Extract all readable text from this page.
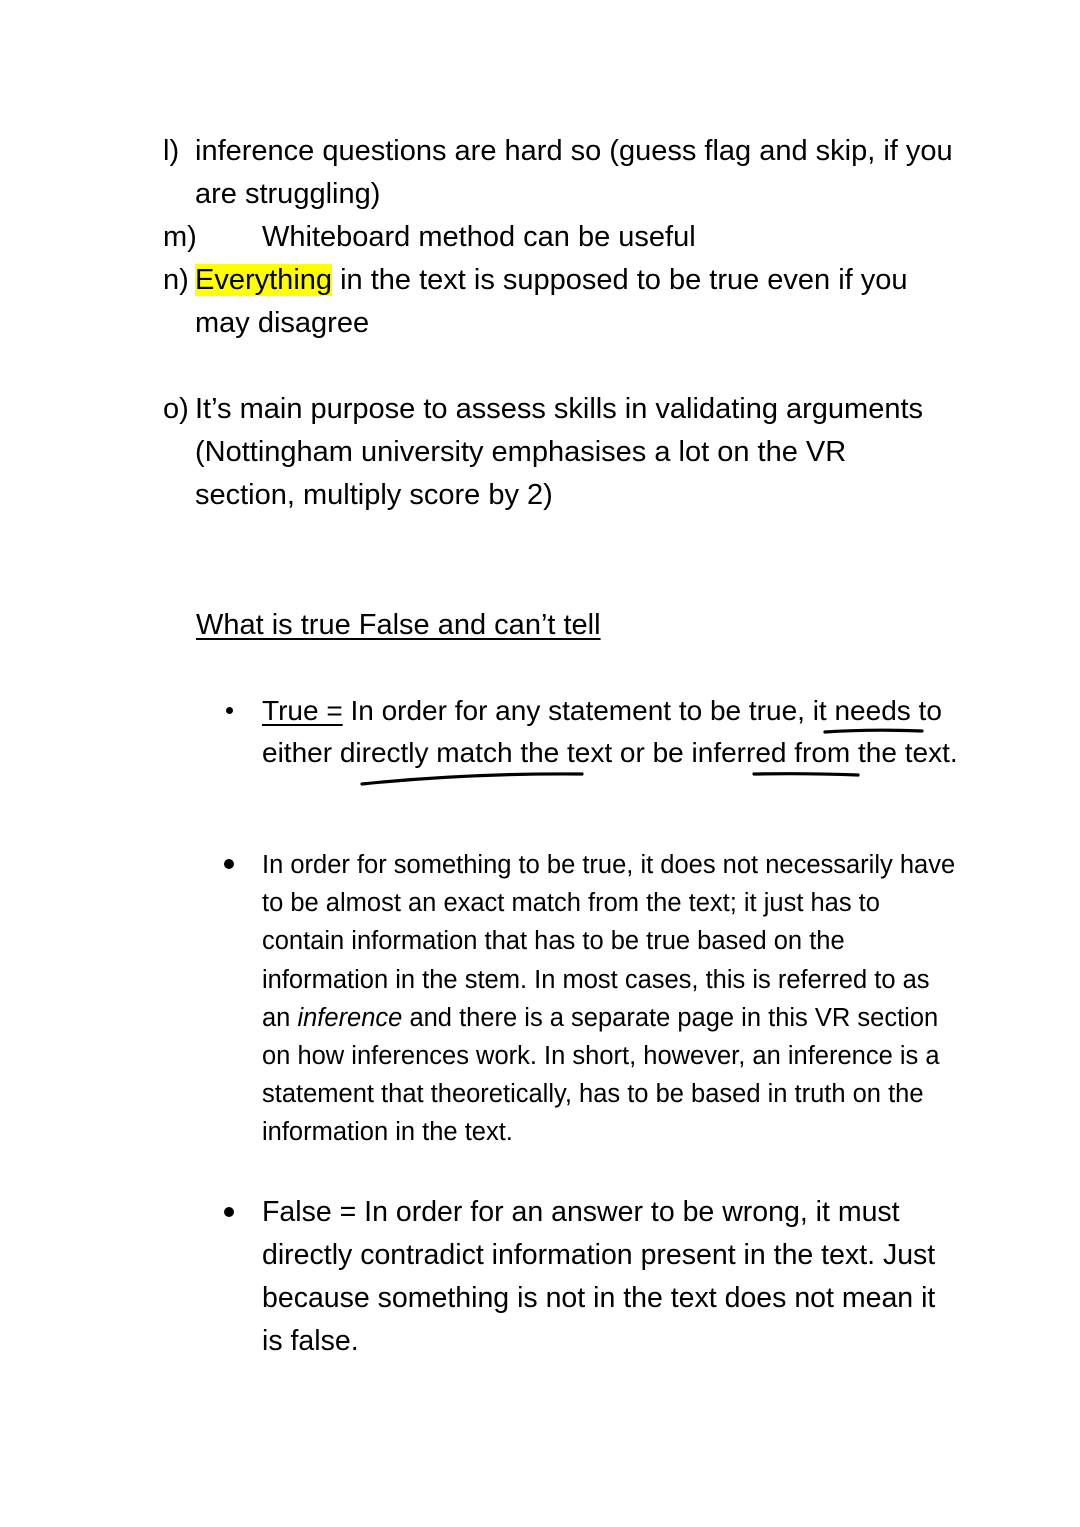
l) inference questions are hard so (guess flag and skip, if you are struggling)
m) Whiteboard method can be useful
n) Everything in the text is supposed to be true even if you may disagree
o) It’s main purpose to assess skills in validating arguments (Nottingham university emphasises a lot on the VR section, multiply score by 2)
What is true False and can’t tell
True = In order for any statement to be true, it needs to either directly match the text or be inferred from the text.
In order for something to be true, it does not necessarily have to be almost an exact match from the text; it just has to contain information that has to be true based on the information in the stem. In most cases, this is referred to as an inference and there is a separate page in this VR section on how inferences work. In short, however, an inference is a statement that theoretically, has to be based in truth on the information in the text.
False = In order for an answer to be wrong, it must directly contradict information present in the text. Just because something is not in the text does not mean it is false.
